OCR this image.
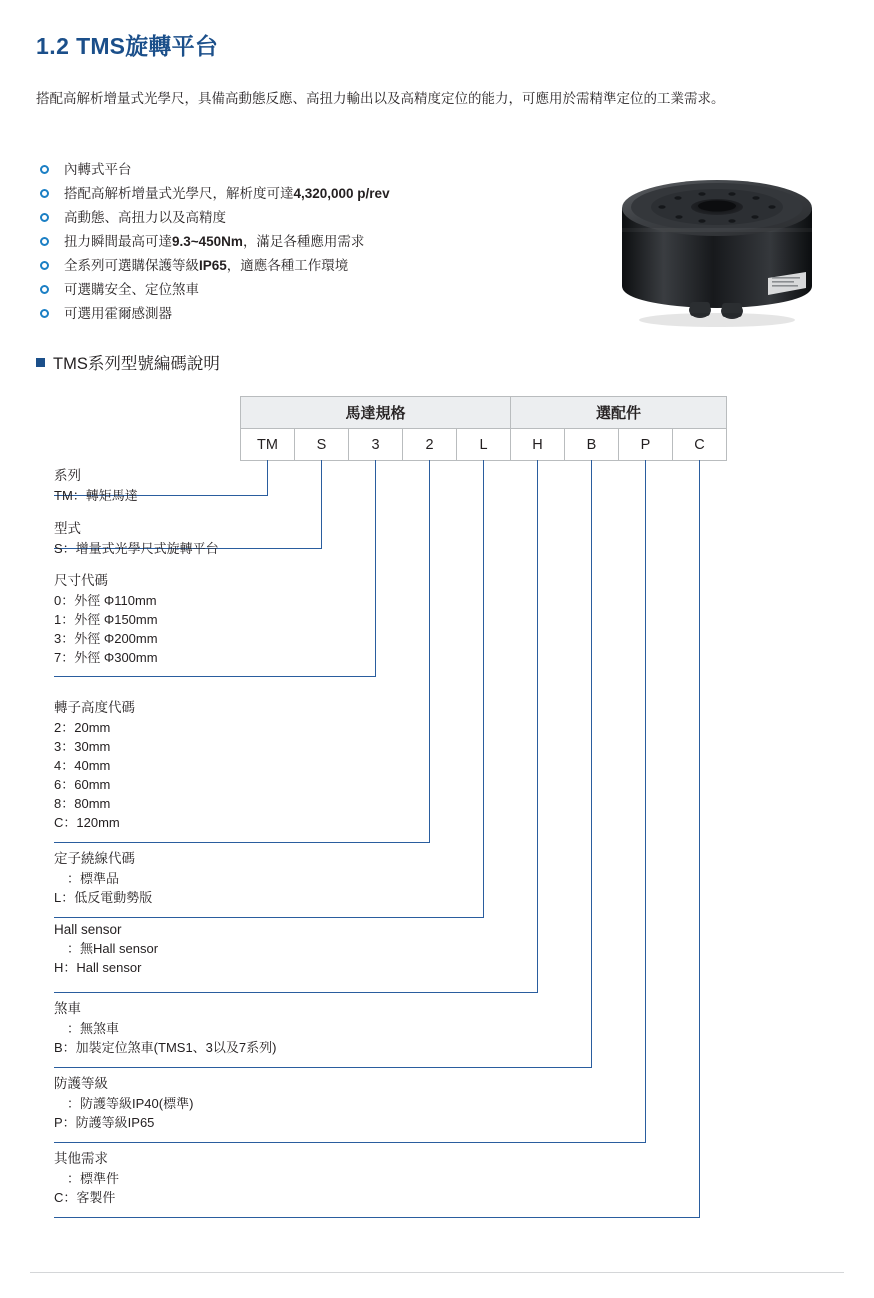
1.2 TMS旋轉平台
搭配高解析增量式光學尺，具備高動態反應、高扭力輸出以及高精度定位的能力，可應用於需精準定位的工業需求。
內轉式平台
搭配高解析增量式光學尺，解析度可達4,320,000 p/rev
高動態、高扭力以及高精度
扭力瞬間最高可達9.3~450Nm，滿足各種應用需求
全系列可選購保護等級IP65，適應各種工作環境
可選購安全、定位煞車
可選用霍爾感測器
TMS系列型號編碼說明
馬達規格					選配件			
TM	S	3	2	L	H	B	P	C
系列
TM：轉矩馬達
型式
S：增量式光學尺式旋轉平台
尺寸代碼
0：外徑 Φ110mm
1：外徑 Φ150mm
3：外徑 Φ200mm
7：外徑 Φ300mm
轉子高度代碼
2：20mm
3：30mm
4：40mm
6：60mm
8：80mm
C：120mm
定子繞線代碼
　：標準品
L：低反電動勢版
Hall sensor
　：無Hall sensor
H：Hall sensor
煞車
　：無煞車
B：加裝定位煞車(TMS1、3以及7系列)
防護等級
　：防護等級IP40(標準)
P：防護等級IP65
其他需求
　：標準件
C：客製件
